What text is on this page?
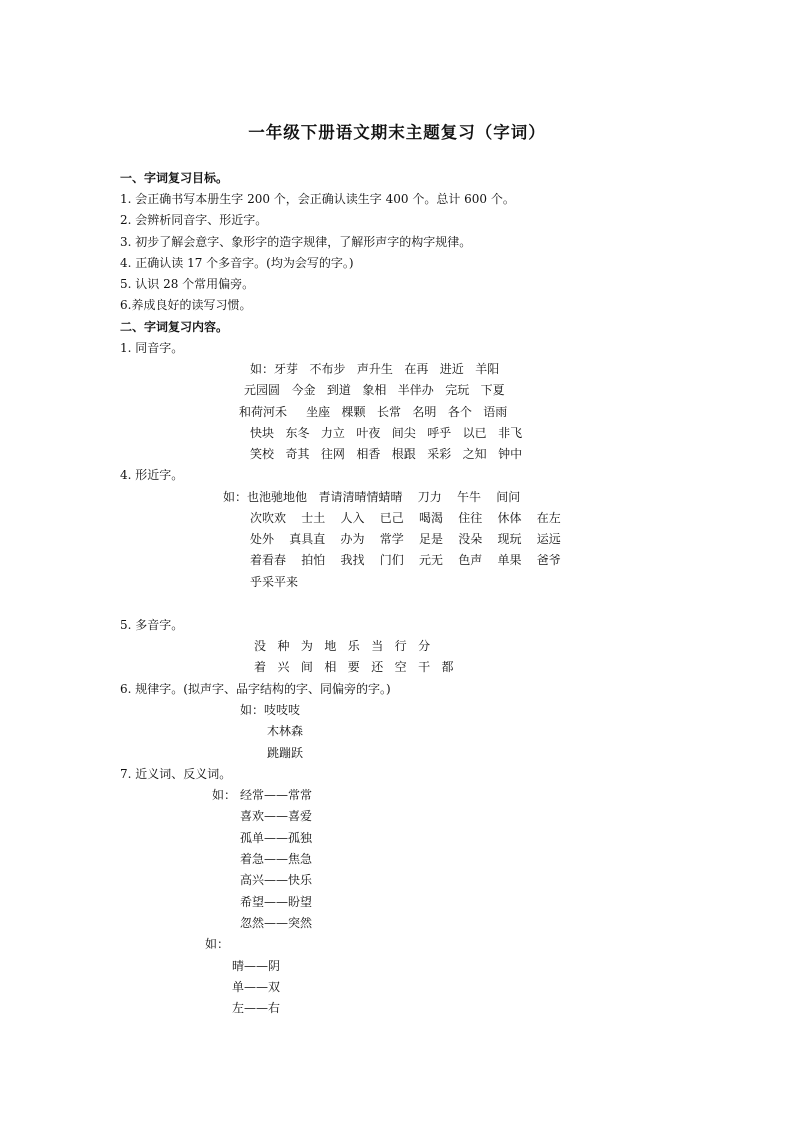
一年级下册语文期末主题复习（字词）
一、字词复习目标。
1. 会正确书写本册生字 200 个，会正确认读生字 400 个。总计 600 个。
2. 会辨析同音字、形近字。
3. 初步了解会意字、象形字的造字规律，了解形声字的构字规律。
4. 正确认读 17 个多音字。(均为会写的字。)
5. 认识 28 个常用偏旁。
6.养成良好的读写习惯。
二、字词复习内容。
1. 同音字。
如：牙芽   不布步   声升生   在再   进近   羊阳
元园圆   今金   到道   象相   半伴办   完玩   下夏
和荷河禾     坐座   棵颗   长常   名明   各个   语雨
快块   东冬   力立   叶夜   间尖   呼乎   以已   非飞
笑校   奇其   往网   相香   根跟   采彩   之知   钟中
4. 形近字。
如：也池驰地他   青请清晴情蜻晴    刀力    午牛    间问
次吹欢    士土    人入    已己    喝渴    住往    休体    在左
处外    真具直    办为    常学    足是    没朵    现玩    运远
着看春    拍怕    我找    门们    元无    色声    单果    爸爷
乎采平来
5. 多音字。
没   种   为   地   乐   当   行   分
着   兴   间   相   要   还   空   干   都
6. 规律字。(拟声字、品字结构的字、同偏旁的字。)
如：吱吱吱
木林森
跳蹦跃
7. 近义词、反义词。
如： 经常——常常
喜欢——喜爱
孤单——孤独
着急——焦急
高兴——快乐
希望——盼望
忽然——突然
如：
晴——阴
单——双
左——右
